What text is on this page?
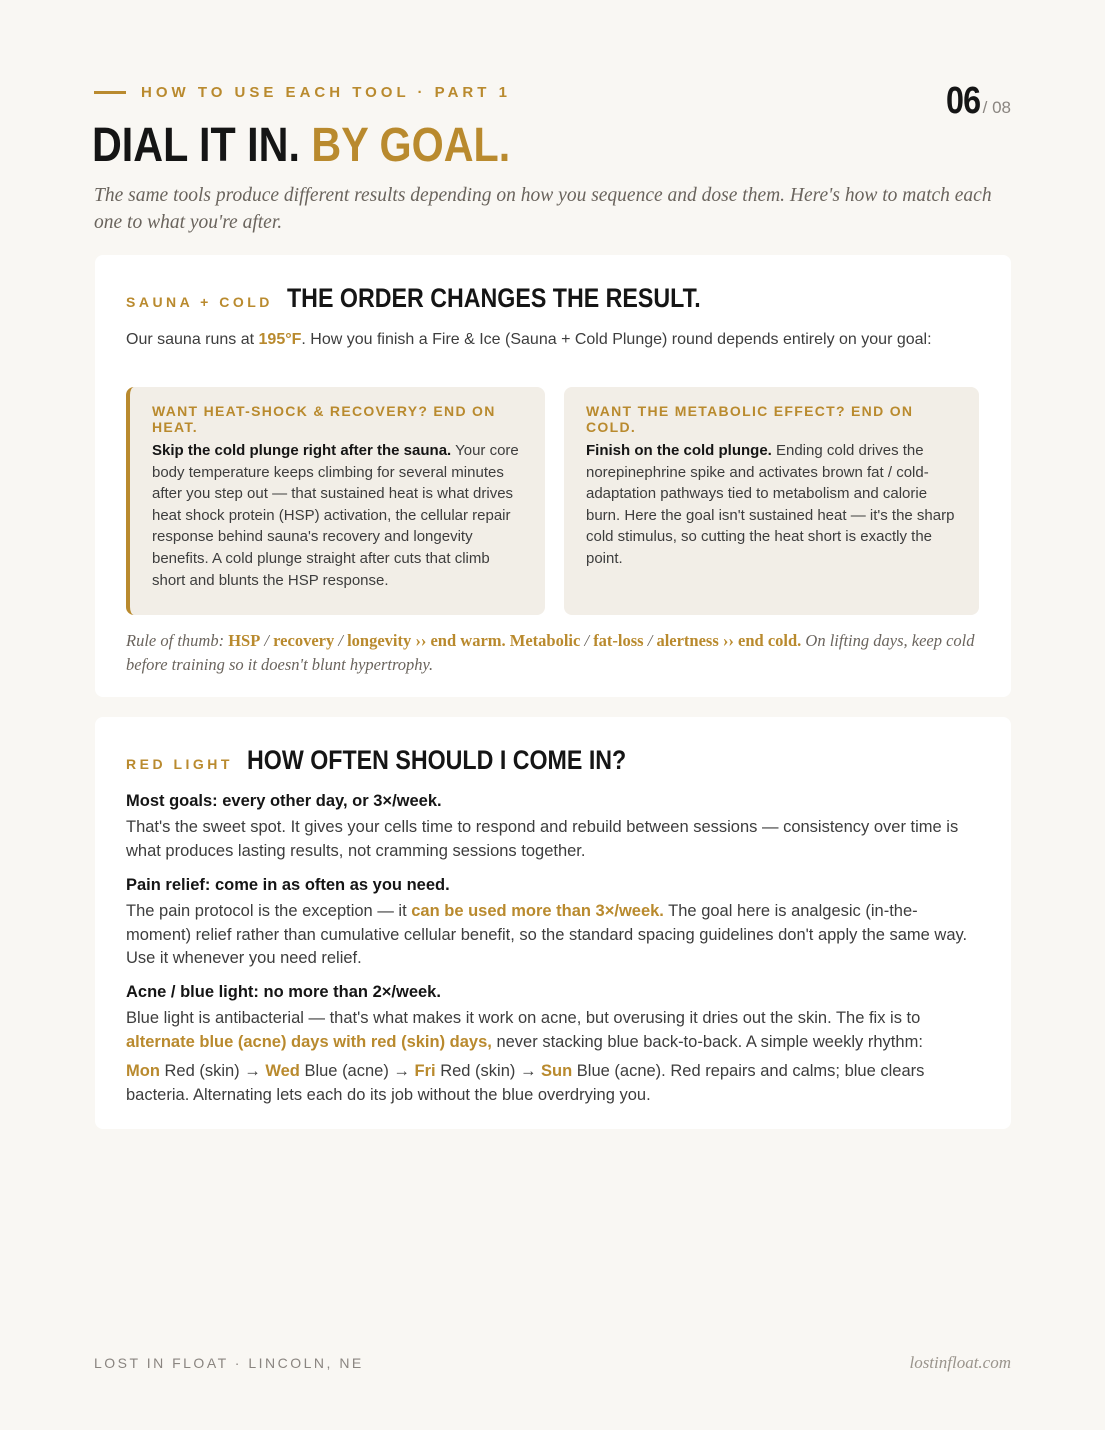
HOW TO USE EACH TOOL · PART 1	06 / 08
DIAL IT IN. BY GOAL.
The same tools produce different results depending on how you sequence and dose them. Here's how to match each one to what you're after.
SAUNA + COLD THE ORDER CHANGES THE RESULT.
Our sauna runs at 195°F. How you finish a Fire & Ice (Sauna + Cold Plunge) round depends entirely on your goal:
WANT HEAT-SHOCK & RECOVERY? END ON HEAT.
Skip the cold plunge right after the sauna. Your core body temperature keeps climbing for several minutes after you step out — that sustained heat is what drives heat shock protein (HSP) activation, the cellular repair response behind sauna's recovery and longevity benefits. A cold plunge straight after cuts that climb short and blunts the HSP response.
WANT THE METABOLIC EFFECT? END ON COLD.
Finish on the cold plunge. Ending cold drives the norepinephrine spike and activates brown fat / cold-adaptation pathways tied to metabolism and calorie burn. Here the goal isn't sustained heat — it's the sharp cold stimulus, so cutting the heat short is exactly the point.
Rule of thumb: HSP / recovery / longevity ›› end warm. Metabolic / fat-loss / alertness ›› end cold. On lifting days, keep cold before training so it doesn't blunt hypertrophy.
RED LIGHT HOW OFTEN SHOULD I COME IN?
Most goals: every other day, or 3×/week.
That's the sweet spot. It gives your cells time to respond and rebuild between sessions — consistency over time is what produces lasting results, not cramming sessions together.
Pain relief: come in as often as you need.
The pain protocol is the exception — it can be used more than 3×/week. The goal here is analgesic (in-the-moment) relief rather than cumulative cellular benefit, so the standard spacing guidelines don't apply the same way. Use it whenever you need relief.
Acne / blue light: no more than 2×/week.
Blue light is antibacterial — that's what makes it work on acne, but overusing it dries out the skin. The fix is to alternate blue (acne) days with red (skin) days, never stacking blue back-to-back. A simple weekly rhythm:
Mon Red (skin) → Wed Blue (acne) → Fri Red (skin) → Sun Blue (acne). Red repairs and calms; blue clears bacteria. Alternating lets each do its job without the blue overdrying you.
LOST IN FLOAT · LINCOLN, NE	lostinfloat.com
